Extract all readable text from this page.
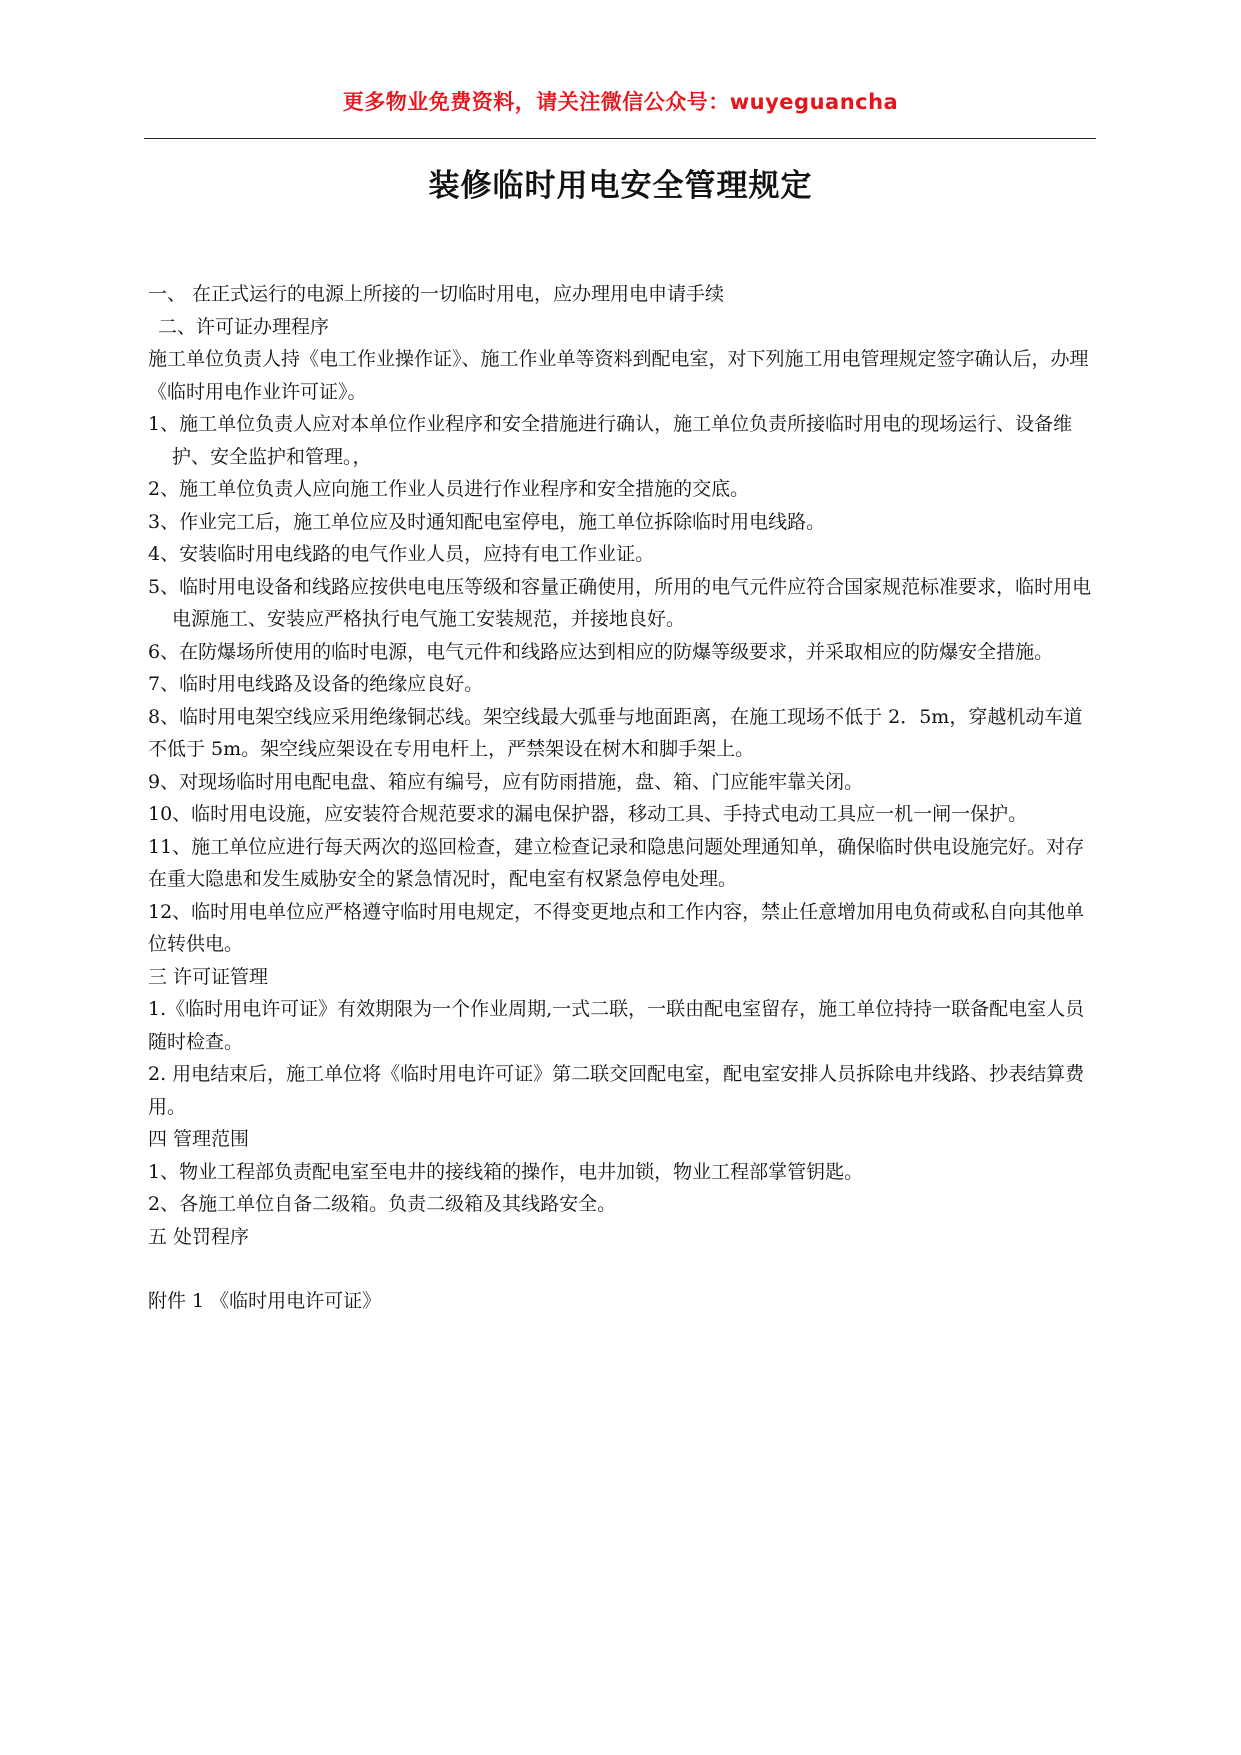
更多物业免费资料，请关注微信公众号：wuyeguancha
装修临时用电安全管理规定

一、 在正式运行的电源上所接的一切临时用电，应办理用电申请手续

二、许可证办理程序

施工单位负责人持《电工作业操作证》、施工作业单等资料到配电室，对下列施工用电管理规定签字确认后，办理《临时用电作业许可证》。

1、施工单位负责人应对本单位作业程序和安全措施进行确认，施工单位负责所接临时用电的现场运行、设备维护、安全监护和管理。，

2、施工单位负责人应向施工作业人员进行作业程序和安全措施的交底。

3、作业完工后，施工单位应及时通知配电室停电，施工单位拆除临时用电线路。

4、安装临时用电线路的电气作业人员，应持有电工作业证。

5、临时用电设备和线路应按供电电压等级和容量正确使用，所用的电气元件应符合国家规范标准要求，临时用电电源施工、安装应严格执行电气施工安装规范，并接地良好。

6、在防爆场所使用的临时电源，电气元件和线路应达到相应的防爆等级要求，并采取相应的防爆安全措施。

7、临时用电线路及设备的绝缘应良好。

8、临时用电架空线应采用绝缘铜芯线。架空线最大弧垂与地面距离，在施工现场不低于 2．5m，穿越机动车道不低于 5m。架空线应架设在专用电杆上，严禁架设在树木和脚手架上。

9、对现场临时用电配电盘、箱应有编号，应有防雨措施，盘、箱、门应能牢靠关闭。

10、临时用电设施，应安装符合规范要求的漏电保护器，移动工具、手持式电动工具应一机一闸一保护。

11、施工单位应进行每天两次的巡回检查，建立检查记录和隐患问题处理通知单，确保临时供电设施完好。对存在重大隐患和发生威胁安全的紧急情况时，配电室有权紧急停电处理。

12、临时用电单位应严格遵守临时用电规定，不得变更地点和工作内容，禁止任意增加用电负荷或私自向其他单位转供电。

三 许可证管理

1.《临时用电许可证》有效期限为一个作业周期,一式二联，一联由配电室留存，施工单位持持一联备配电室人员随时检查。

2. 用电结束后，施工单位将《临时用电许可证》第二联交回配电室，配电室安排人员拆除电井线路、抄表结算费用。

四 管理范围

1、物业工程部负责配电室至电井的接线箱的操作，电井加锁，物业工程部掌管钥匙。

2、各施工单位自备二级箱。负责二级箱及其线路安全。

五 处罚程序

附件 1 《临时用电许可证》
